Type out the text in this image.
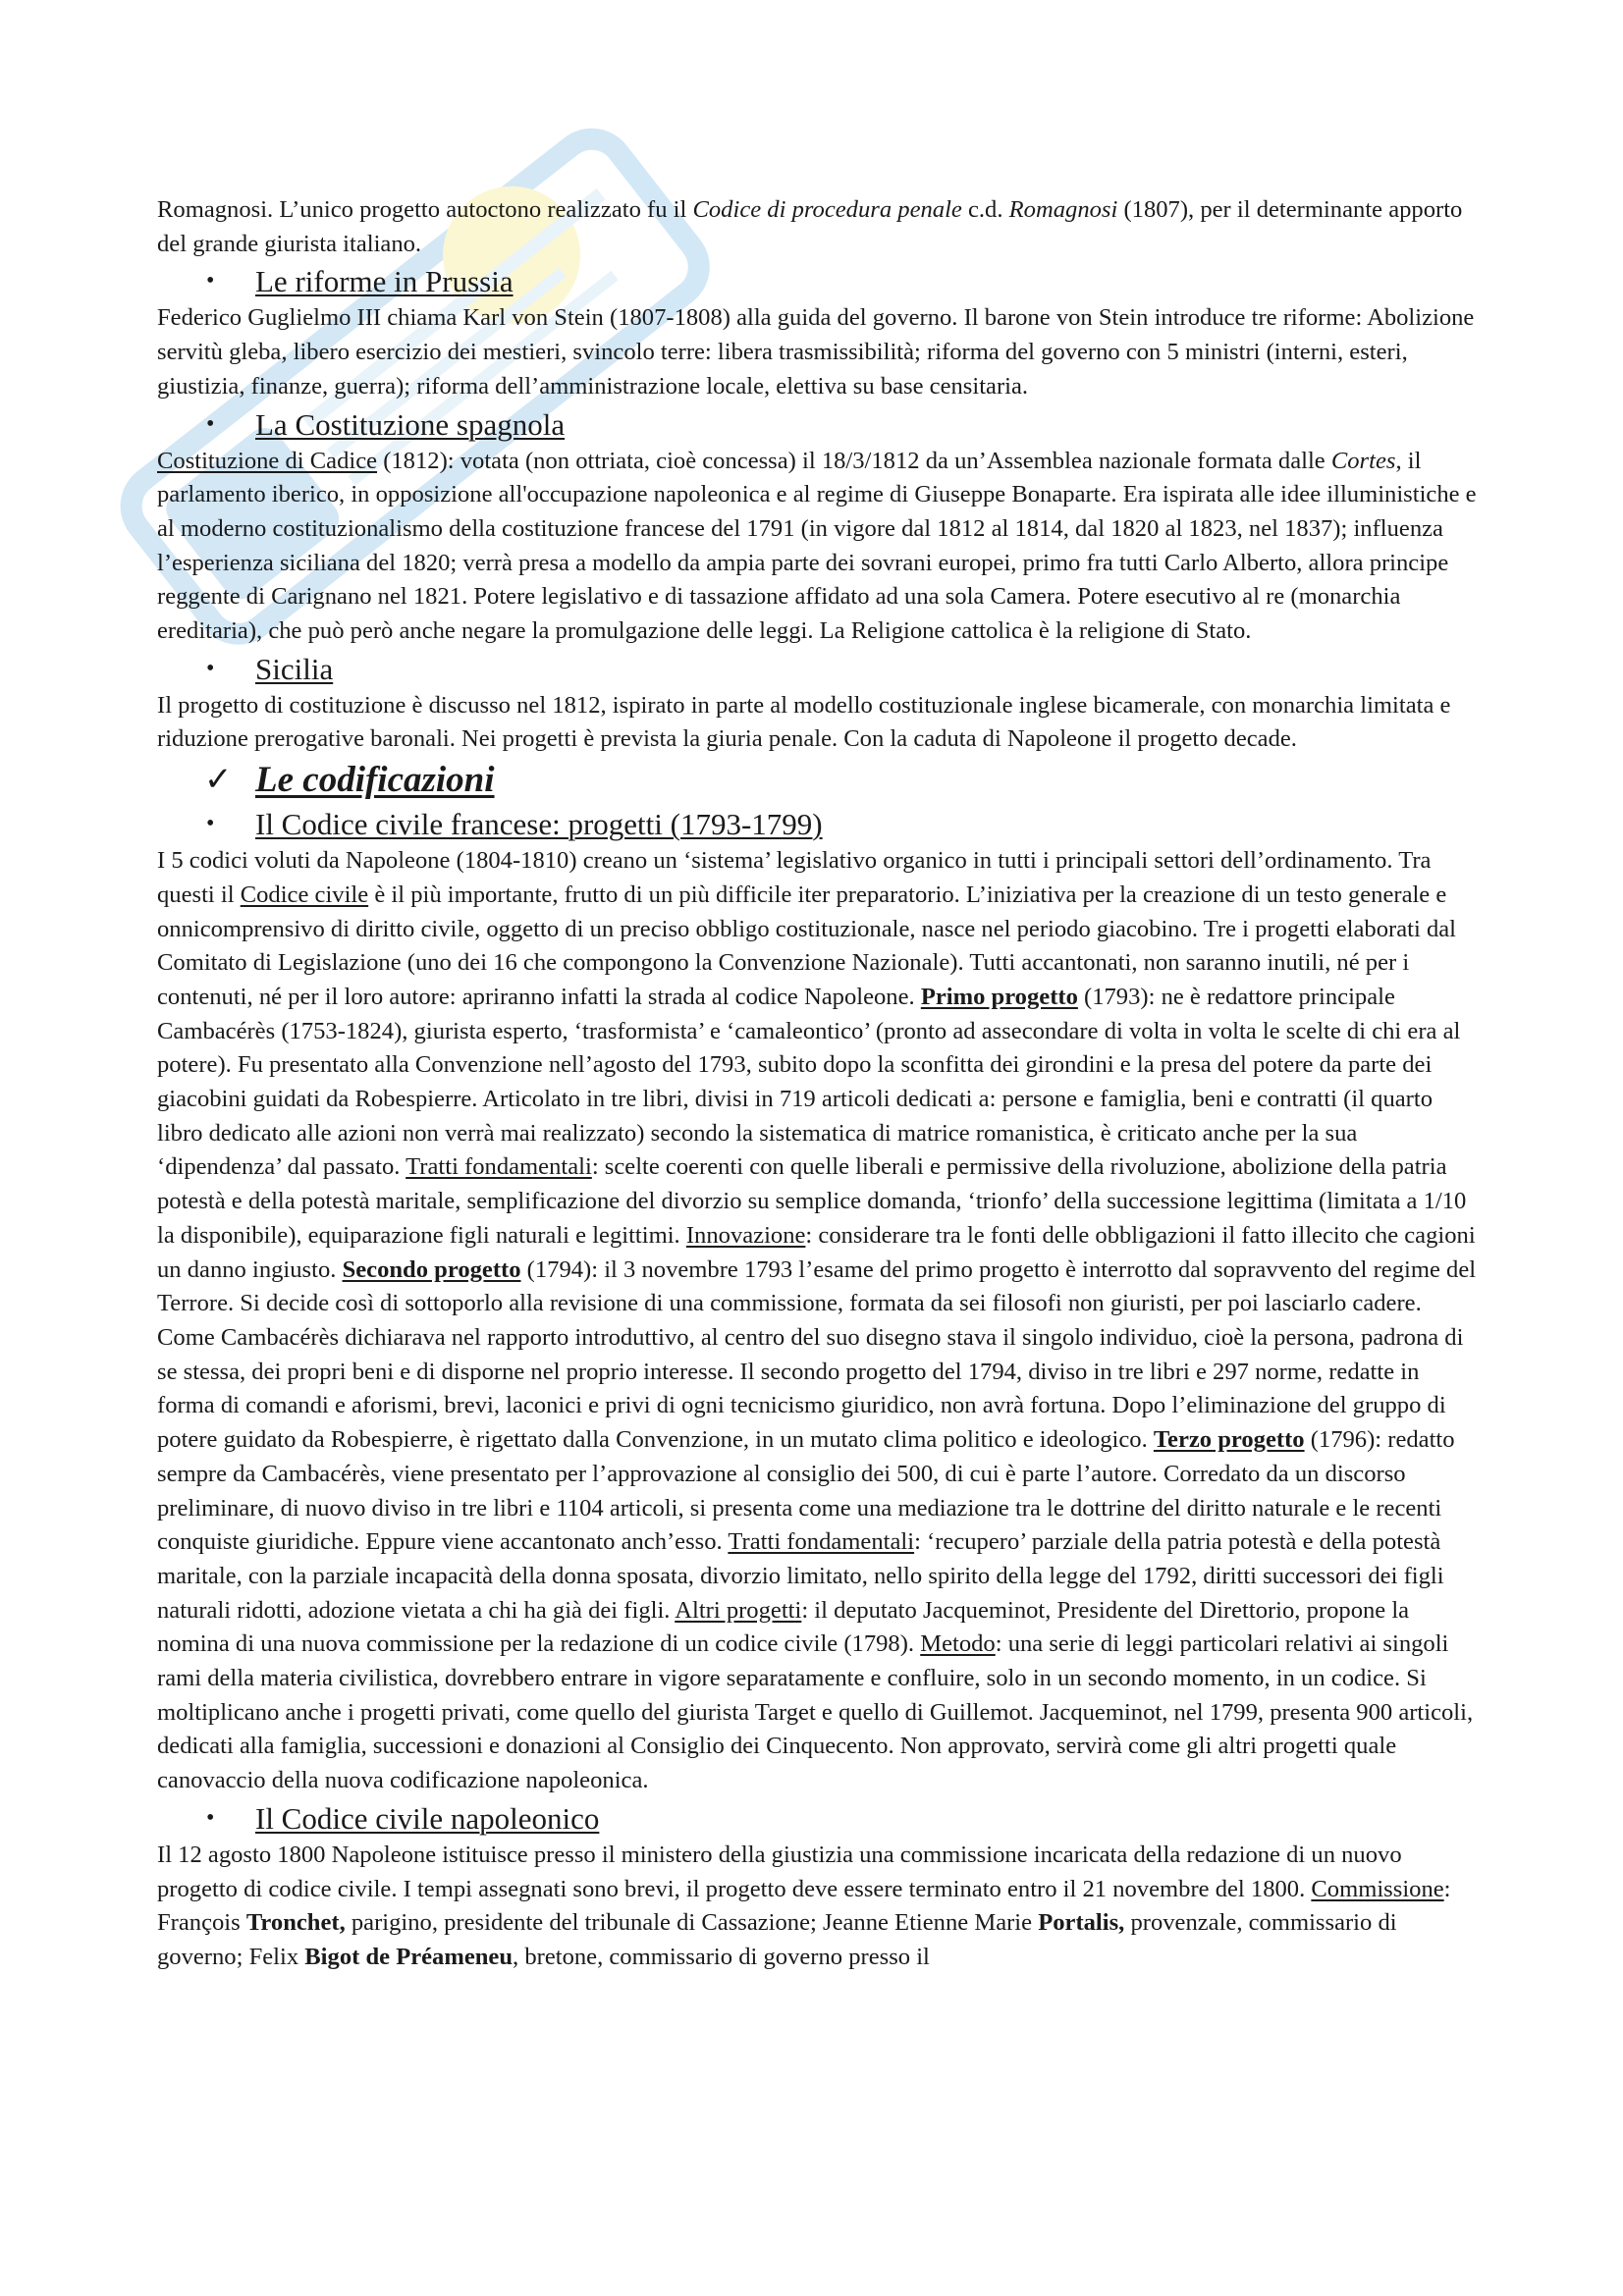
Romagnosi. L’unico progetto autoctono realizzato fu il Codice di procedura penale c.d. Romagnosi (1807), per il determinante apporto del grande giurista italiano.

• Le riforme in Prussia

Federico Guglielmo III chiama Karl von Stein (1807-1808) alla guida del governo. Il barone von Stein introduce tre riforme: Abolizione servitù gleba, libero esercizio dei mestieri, svincolo terre: libera trasmissibilità; riforma del governo con 5 ministri (interni, esteri, giustizia, finanze, guerra); riforma dell’amministrazione locale, elettiva su base censitaria.

• La Costituzione spagnola

Costituzione di Cadice (1812): votata (non ottriata, cioè concessa) il 18/3/1812 da un’Assemblea nazionale formata dalle Cortes, il parlamento iberico, in opposizione all'occupazione napoleonica e al regime di Giuseppe Bonaparte. Era ispirata alle idee illuministiche e al moderno costituzionalismo della costituzione francese del 1791 (in vigore dal 1812 al 1814, dal 1820 al 1823, nel 1837); influenza l’esperienza siciliana del 1820; verrà presa a modello da ampia parte dei sovrani europei, primo fra tutti Carlo Alberto, allora principe reggente di Carignano nel 1821. Potere legislativo e di tassazione affidato ad una sola Camera. Potere esecutivo al re (monarchia ereditaria), che può però anche negare la promulgazione delle leggi. La Religione cattolica è la religione di Stato.

• Sicilia

Il progetto di costituzione è discusso nel 1812, ispirato in parte al modello costituzionale inglese bicamerale, con monarchia limitata e riduzione prerogative baronali. Nei progetti è prevista la giuria penale. Con la caduta di Napoleone il progetto decade.

✓ Le codificazioni
• Il Codice civile francese: progetti (1793-1799)

I 5 codici voluti da Napoleone (1804-1810) creano un ‘sistema’ legislativo organico in tutti i principali settori dell’ordinamento. Tra questi il Codice civile è il più importante, frutto di un più difficile iter preparatorio. L’iniziativa per la creazione di un testo generale e onnicomprensivo di diritto civile, oggetto di un preciso obbligo costituzionale, nasce nel periodo giacobino. Tre i progetti elaborati dal Comitato di Legislazione (uno dei 16 che compongono la Convenzione Nazionale). Tutti accantonati, non saranno inutili, né per i contenuti, né per il loro autore: apriranno infatti la strada al codice Napoleone. Primo progetto (1793): ne è redattore principale Cambacérès (1753-1824), giurista esperto, ‘trasformista’ e ‘camaleontico’ (pronto ad assecondare di volta in volta le scelte di chi era al potere). Fu presentato alla Convenzione nell’agosto del 1793, subito dopo la sconfitta dei girondini e la presa del potere da parte dei giacobini guidati da Robespierre. Articolato in tre libri, divisi in 719 articoli dedicati a: persone e famiglia, beni e contratti (il quarto libro dedicato alle azioni non verrà mai realizzato) secondo la sistematica di matrice romanistica, è criticato anche per la sua ‘dipendenza’ dal passato. Tratti fondamentali: scelte coerenti con quelle liberali e permissive della rivoluzione, abolizione della patria potestà e della potestà maritale, semplificazione del divorzio su semplice domanda, ‘trionfo’ della successione legittima (limitata a 1/10 la disponibile), equiparazione figli naturali e legittimi. Innovazione: considerare tra le fonti delle obbligazioni il fatto illecito che cagioni un danno ingiusto. Secondo progetto (1794): il 3 novembre 1793 l’esame del primo progetto è interrotto dal sopravvento del regime del Terrore. Si decide così di sottoporlo alla revisione di una commissione, formata da sei filosofi non giuristi, per poi lasciarlo cadere. Come Cambacérès dichiarava nel rapporto introduttivo, al centro del suo disegno stava il singolo individuo, cioè la persona, padrona di se stessa, dei propri beni e di disporne nel proprio interesse. Il secondo progetto del 1794, diviso in tre libri e 297 norme, redatte in forma di comandi e aforismi, brevi, laconici e privi di ogni tecnicismo giuridico, non avrà fortuna. Dopo l’eliminazione del gruppo di potere guidato da Robespierre, è rigettato dalla Convenzione, in un mutato clima politico e ideologico. Terzo progetto (1796): redatto sempre da Cambacérès, viene presentato per l’approvazione al consiglio dei 500, di cui è parte l’autore. Corredato da un discorso preliminare, di nuovo diviso in tre libri e 1104 articoli, si presenta come una mediazione tra le dottrine del diritto naturale e le recenti conquiste giuridiche. Eppure viene accantonato anch’esso. Tratti fondamentali: ‘recupero’ parziale della patria potestà e della potestà maritale, con la parziale incapacità della donna sposata, divorzio limitato, nello spirito della legge del 1792, diritti successori dei figli naturali ridotti, adozione vietata a chi ha già dei figli. Altri progetti: il deputato Jacqueminot, Presidente del Direttorio, propone la nomina di una nuova commissione per la redazione di un codice civile (1798). Metodo: una serie di leggi particolari relativi ai singoli rami della materia civilistica, dovrebbero entrare in vigore separatamente e confluire, solo in un secondo momento, in un codice. Si moltiplicano anche i progetti privati, come quello del giurista Target e quello di Guillemot. Jacqueminot, nel 1799, presenta 900 articoli, dedicati alla famiglia, successioni e donazioni al Consiglio dei Cinquecento. Non approvato, servirà come gli altri progetti quale canovaccio della nuova codificazione napoleonica.

• Il Codice civile napoleonico

Il 12 agosto 1800 Napoleone istituisce presso il ministero della giustizia una commissione incaricata della redazione di un nuovo progetto di codice civile. I tempi assegnati sono brevi, il progetto deve essere terminato entro il 21 novembre del 1800. Commissione: François Tronchet, parigino, presidente del tribunale di Cassazione; Jeanne Etienne Marie Portalis, provenzale, commissario di governo; Felix Bigot de Préameneu, bretone, commissario di governo presso il
